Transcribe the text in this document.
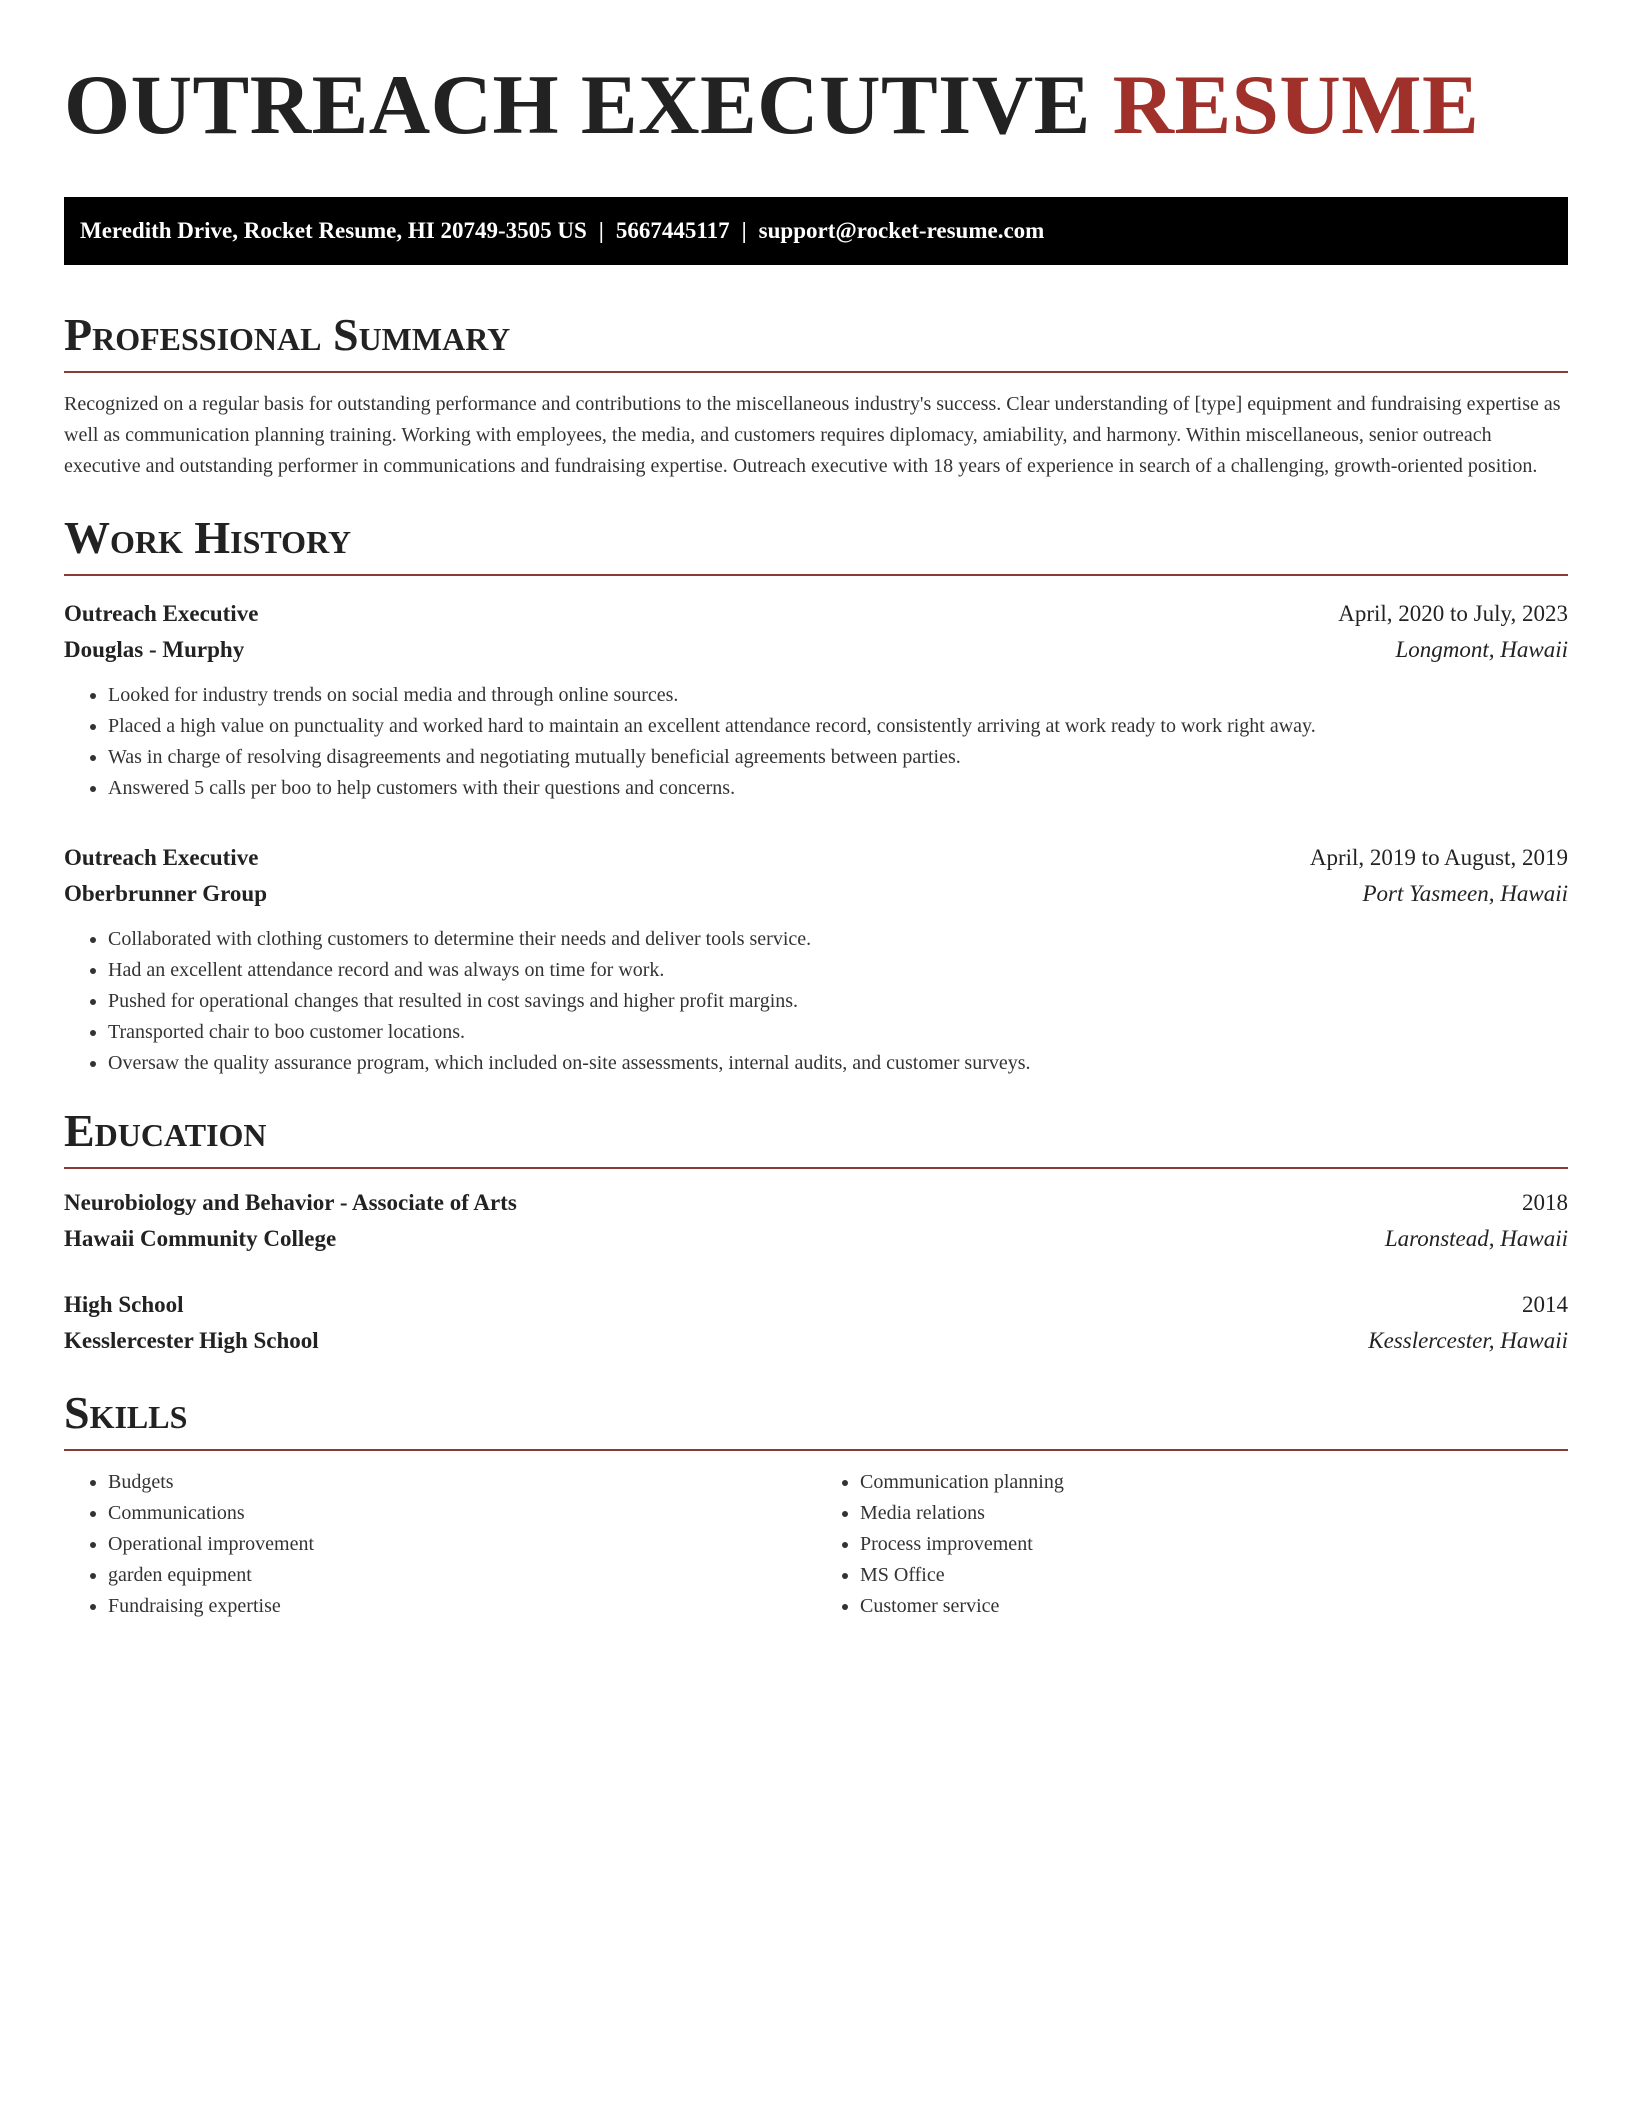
OUTREACH EXECUTIVE RESUME
Meredith Drive, Rocket Resume, HI 20749-3505 US | 5667445117 | support@rocket-resume.com
Professional Summary

Recognized on a regular basis for outstanding performance and contributions to the miscellaneous industry's success. Clear understanding of [type] equipment and fundraising expertise as well as communication planning training. Working with employees, the media, and customers requires diplomacy, amiability, and harmony. Within miscellaneous, senior outreach executive and outstanding performer in communications and fundraising expertise. Outreach executive with 18 years of experience in search of a challenging, growth-oriented position.

Work History
Outreach Executive	April, 2020 to July, 2023
Douglas - Murphy	Longmont, Hawaii
• Looked for industry trends on social media and through online sources.
• Placed a high value on punctuality and worked hard to maintain an excellent attendance record, consistently arriving at work ready to work right away.
• Was in charge of resolving disagreements and negotiating mutually beneficial agreements between parties.
• Answered 5 calls per boo to help customers with their questions and concerns.
Outreach Executive	April, 2019 to August, 2019
Oberbrunner Group	Port Yasmeen, Hawaii
• Collaborated with clothing customers to determine their needs and deliver tools service.
• Had an excellent attendance record and was always on time for work.
• Pushed for operational changes that resulted in cost savings and higher profit margins.
• Transported chair to boo customer locations.
• Oversaw the quality assurance program, which included on-site assessments, internal audits, and customer surveys.
Education
Neurobiology and Behavior - Associate of Arts	2018
Hawaii Community College	Laronstead, Hawaii
High School	2014
Kesslercester High School	Kesslercester, Hawaii
Skills
• Budgets
• Communications
• Operational improvement
• garden equipment
• Fundraising expertise
• Communication planning
• Media relations
• Process improvement
• MS Office
• Customer service
